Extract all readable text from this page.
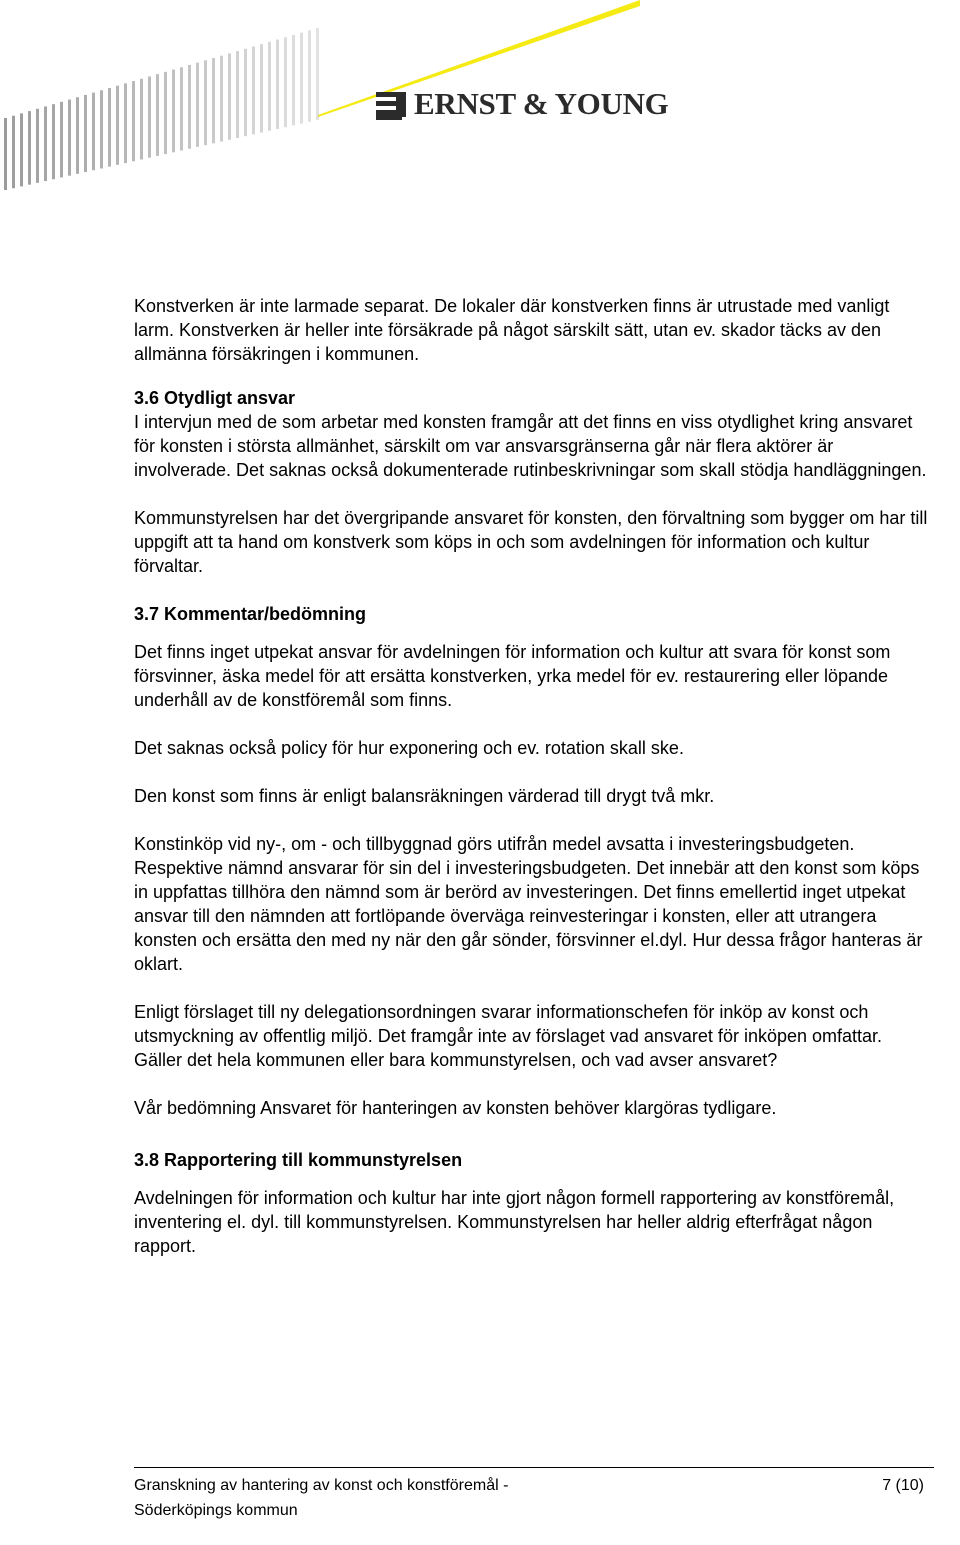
ERNST & YOUNG

Konstverken är inte larmade separat. De lokaler där konstverken finns är utrustade med vanligt larm. Konstverken är heller inte försäkrade på något särskilt sätt, utan ev. skador täcks av den allmänna försäkringen i kommunen.

3.6 Otydligt ansvar

I intervjun med de som arbetar med konsten framgår att det finns en viss otydlighet kring ansvaret för konsten i största allmänhet, särskilt om var ansvarsgränserna går när flera aktörer är involverade. Det saknas också dokumenterade rutinbeskrivningar som skall stödja handläggningen.

Kommunstyrelsen har det övergripande ansvaret för konsten, den förvaltning som bygger om har till uppgift att ta hand om konstverk som köps in och som avdelningen för information och kultur förvaltar.

3.7 Kommentar/bedömning

Det finns inget utpekat ansvar för avdelningen för information och kultur att svara för konst som försvinner, äska medel för att ersätta konstverken, yrka medel för ev. restaurering eller löpande underhåll av de konstföremål som finns.

Det saknas också policy för hur exponering och ev. rotation skall ske.

Den konst som finns är enligt balansräkningen värderad till drygt två mkr.

Konstinköp vid ny-, om - och tillbyggnad görs utifrån medel avsatta i investeringsbudgeten. Respektive nämnd ansvarar för sin del i investeringsbudgeten. Det innebär att den konst som köps in uppfattas tillhöra den nämnd som är berörd av investeringen. Det finns emellertid inget utpekat ansvar till den nämnden att fortlöpande överväga reinvesteringar i konsten, eller att utrangera konsten och ersätta den med ny när den går sönder, försvinner el.dyl. Hur dessa frågor hanteras är oklart.

Enligt förslaget till ny delegationsordningen svarar informationschefen för inköp av konst och utsmyckning av offentlig miljö. Det framgår inte av förslaget vad ansvaret för inköpen omfattar. Gäller det hela kommunen eller bara kommunstyrelsen, och vad avser ansvaret?

Vår bedömning Ansvaret för hanteringen av konsten behöver klargöras tydligare.

3.8 Rapportering till kommunstyrelsen

Avdelningen för information och kultur har inte gjort någon formell rapportering av konstföremål, inventering el. dyl. till kommunstyrelsen. Kommunstyrelsen har heller aldrig efterfrågat någon rapport.

Granskning av hantering av konst och konstföremål -
Söderköpings kommun
7 (10)
